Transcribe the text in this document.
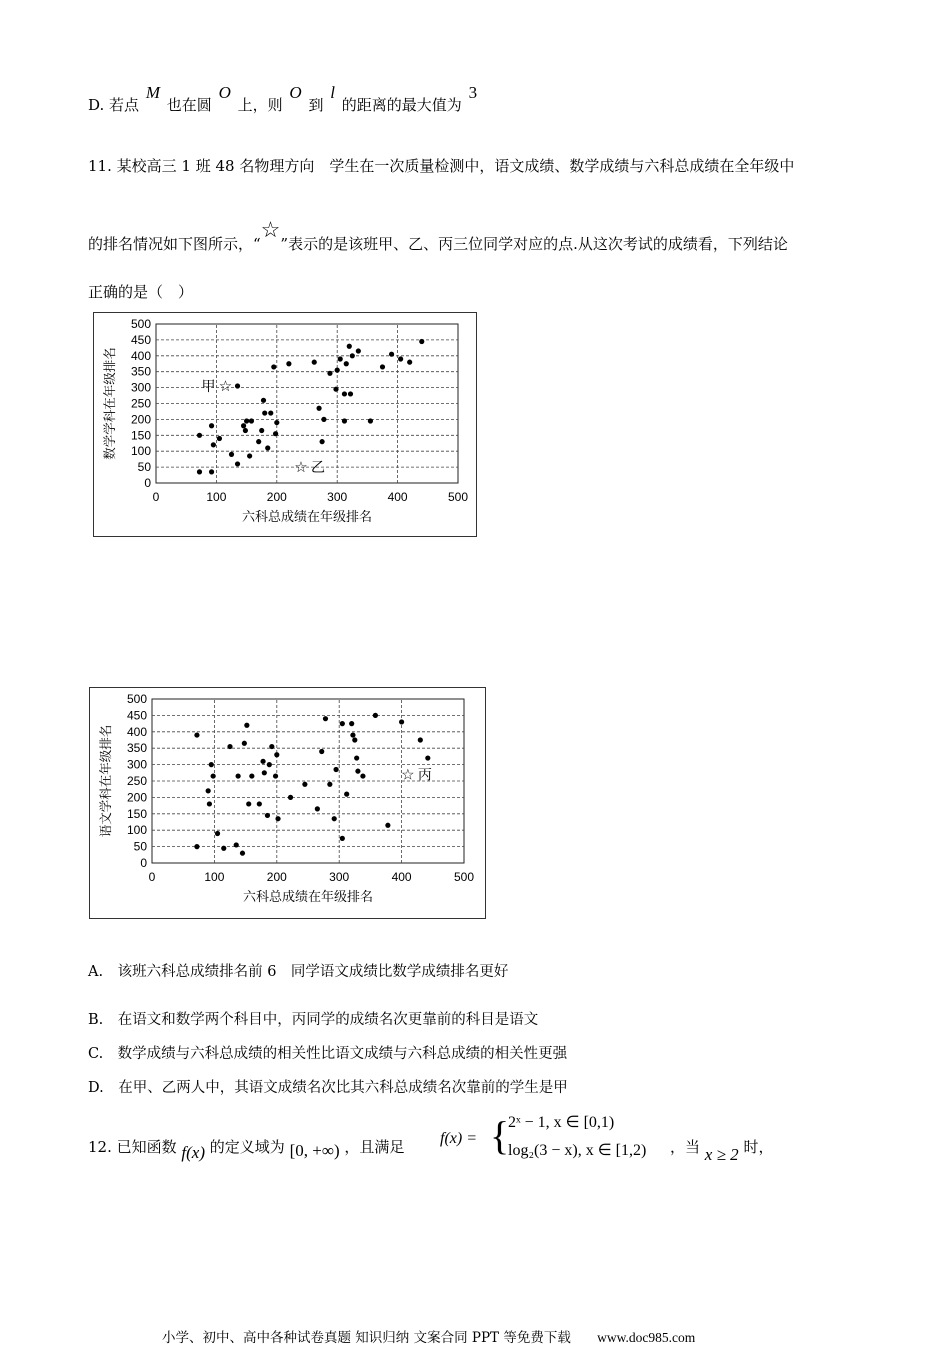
D. 若点 M 也在圆 O 上，则 O 到 l 的距离的最大值为 3
11. 某校高三 1 班 48 名物理方向　学生在一次质量检测中，语文成绩、数学成绩与六科总成绩在全年级中
的排名情况如下图所示，“☆”表示的是该班甲、乙、丙三位同学对应的点.从这次考试的成绩看，下列结论
正确的是（　）
0
50
100
150
200
250
300
350
400
450
500
0	100	200	300	400	500
六科总成绩在年级排名
数学学科在年级排名	☆
甲
☆ 乙
0
50
100
150
200
250
300
350
400
450
500
0	100	200	300	400	500
六科总成绩在年级排名
语文学科在年级排名	☆ 丙
A.　该班六科总成绩排名前 6　同学语文成绩比数学成绩排名更好
B.　在语文和数学两个科目中，丙同学的成绩名次更靠前的科目是语文
C.　数学成绩与六科总成绩的相关性比语文成绩与六科总成绩的相关性更强
D.　在甲、乙两人中，其语文成绩名次比其六科总成绩名次靠前的学生是甲
12. 已知函数 f(x) 的定义域为 [0, +∞) ，且满足 f(x) = {
2ˣ − 1, x ∈ [0,1)
log₂(3 − x), x ∈ [1,2) ，当 x ≥ 2 时，
小学、初中、高中各种试卷真题 知识归纳 文案合同 PPT 等免费下载 www.doc985.com
